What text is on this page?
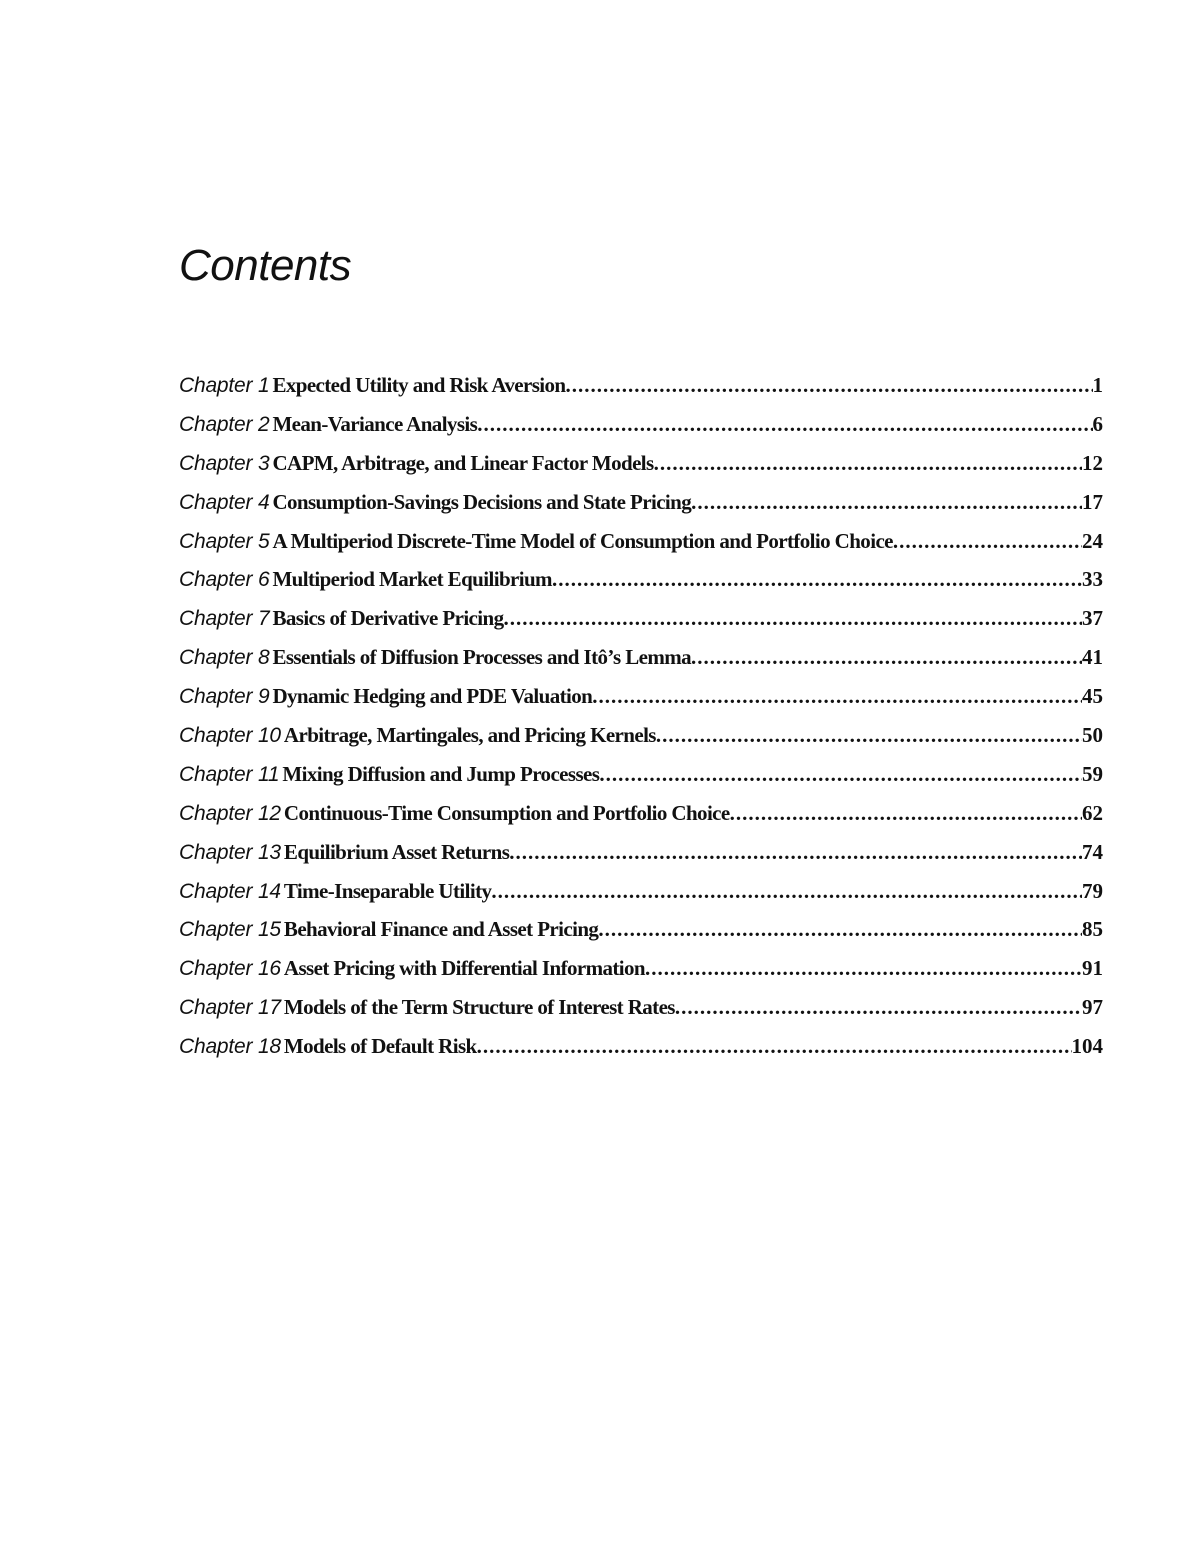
Contents
Chapter 1 Expected Utility and Risk Aversion .....	1
Chapter 2 Mean-Variance Analysis .....	6
Chapter 3 CAPM, Arbitrage, and Linear Factor Models .....	12
Chapter 4 Consumption-Savings Decisions and State Pricing .....	17
Chapter 5 A Multiperiod Discrete-Time Model of Consumption and Portfolio Choice .....	24
Chapter 6 Multiperiod Market Equilibrium .....	33
Chapter 7 Basics of Derivative Pricing .....	37
Chapter 8 Essentials of Diffusion Processes and Itô’s Lemma .....	41
Chapter 9 Dynamic Hedging and PDE Valuation .....	45
Chapter 10 Arbitrage, Martingales, and Pricing Kernels .....	50
Chapter 11 Mixing Diffusion and Jump Processes .....	59
Chapter 12 Continuous-Time Consumption and Portfolio Choice .....	62
Chapter 13 Equilibrium Asset Returns .....	74
Chapter 14 Time-Inseparable Utility .....	79
Chapter 15 Behavioral Finance and Asset Pricing .....	85
Chapter 16 Asset Pricing with Differential Information .....	91
Chapter 17 Models of the Term Structure of Interest Rates .....	97
Chapter 18 Models of Default Risk .....	104
